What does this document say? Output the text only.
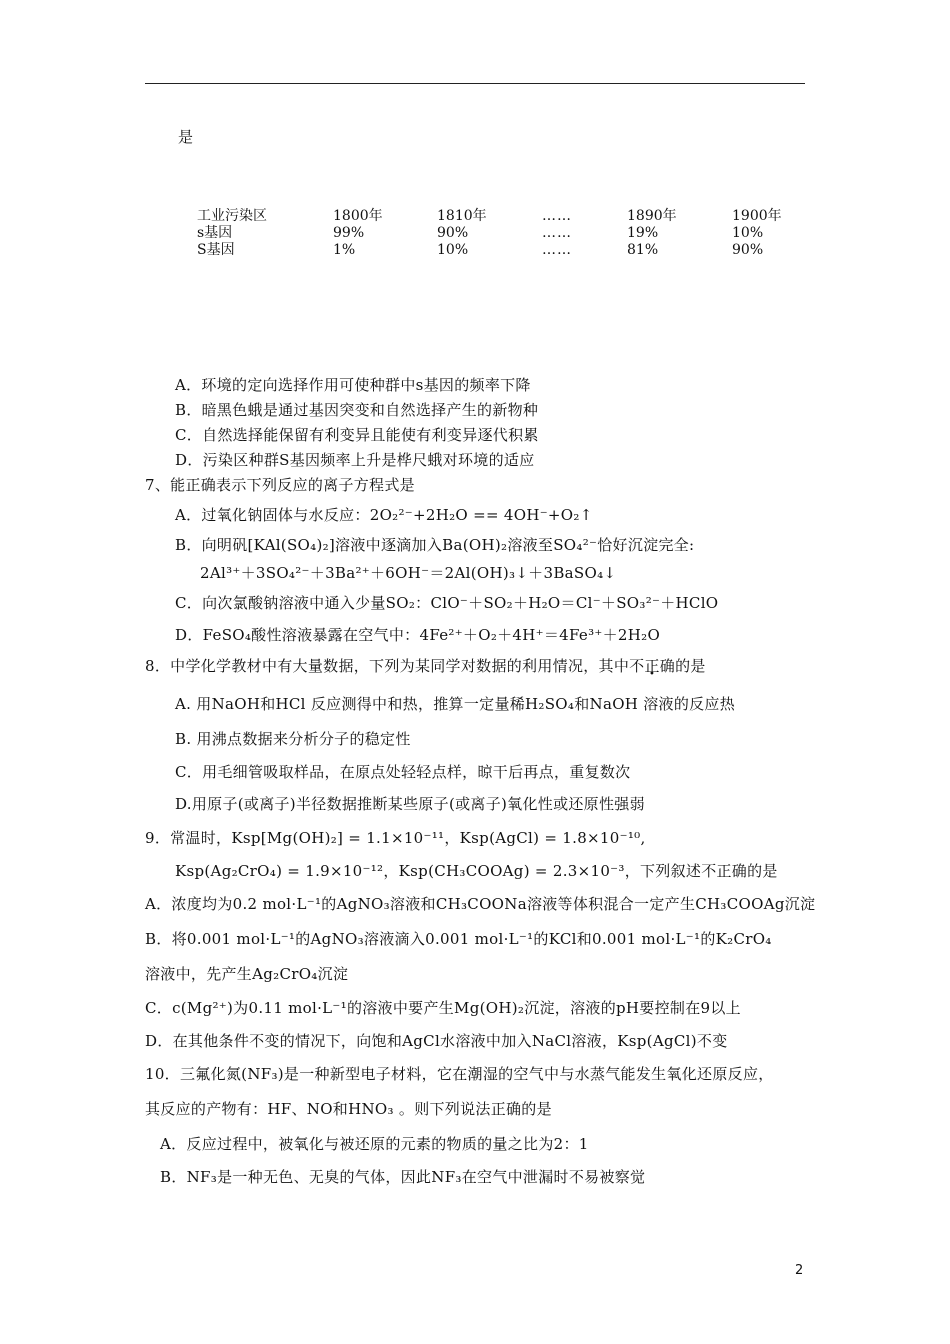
是
工业污染区	1800年	1810年	……	1890年	1900年
s基因	99%	90%	……	19%	10%
S基因	1%	10%	……	81%	90%
A．环境的定向选择作用可使种群中s基因的频率下降
B．暗黑色蛾是通过基因突变和自然选择产生的新物种
C．自然选择能保留有利变异且能使有利变异逐代积累
D．污染区种群S基因频率上升是桦尺蛾对环境的适应
7、能正确表示下列反应的离子方程式是
A．过氧化钠固体与水反应：2O₂²⁻+2H₂O == 4OH⁻+O₂↑
B．向明矾[KAl(SO₄)₂]溶液中逐滴加入Ba(OH)₂溶液至SO₄²⁻恰好沉淀完全:
2Al³⁺＋3SO₄²⁻＋3Ba²⁺＋6OH⁻＝2Al(OH)₃↓＋3BaSO₄↓
C．向次氯酸钠溶液中通入少量SO₂：ClO⁻＋SO₂＋H₂O＝Cl⁻＋SO₃²⁻＋HClO
D．FeSO₄酸性溶液暴露在空气中：4Fe²⁺＋O₂＋4H⁺＝4Fe³⁺＋2H₂O
8．中学化学教材中有大量数据，下列为某同学对数据的利用情况，其中不正确的是
A. 用NaOH和HCl 反应测得中和热，推算一定量稀H₂SO₄和NaOH 溶液的反应热
B. 用沸点数据来分析分子的稳定性
C．用毛细管吸取样品，在原点处轻轻点样，晾干后再点，重复数次
D.用原子(或离子)半径数据推断某些原子(或离子)氧化性或还原性强弱
9．常温时，Ksp[Mg(OH)₂] = 1.1×10⁻¹¹，Ksp(AgCl) = 1.8×10⁻¹⁰,
Ksp(Ag₂CrO₄) = 1.9×10⁻¹²，Ksp(CH₃COOAg) = 2.3×10⁻³，下列叙述不正确的是
A．浓度均为0.2 mol·L⁻¹的AgNO₃溶液和CH₃COONa溶液等体积混合一定产生CH₃COOAg沉淀
B．将0.001 mol·L⁻¹的AgNO₃溶液滴入0.001 mol·L⁻¹的KCl和0.001 mol·L⁻¹的K₂CrO₄
溶液中，先产生Ag₂CrO₄沉淀
C．c(Mg²⁺)为0.11 mol·L⁻¹的溶液中要产生Mg(OH)₂沉淀，溶液的pH要控制在9以上
D．在其他条件不变的情况下，向饱和AgCl水溶液中加入NaCl溶液，Ksp(AgCl)不变
10．三氟化氮(NF₃)是一种新型电子材料，它在潮湿的空气中与水蒸气能发生氧化还原反应，
其反应的产物有：HF、NO和HNO₃ 。则下列说法正确的是
A．反应过程中，被氧化与被还原的元素的物质的量之比为2：1
B．NF₃是一种无色、无臭的气体，因此NF₃在空气中泄漏时不易被察觉
2
